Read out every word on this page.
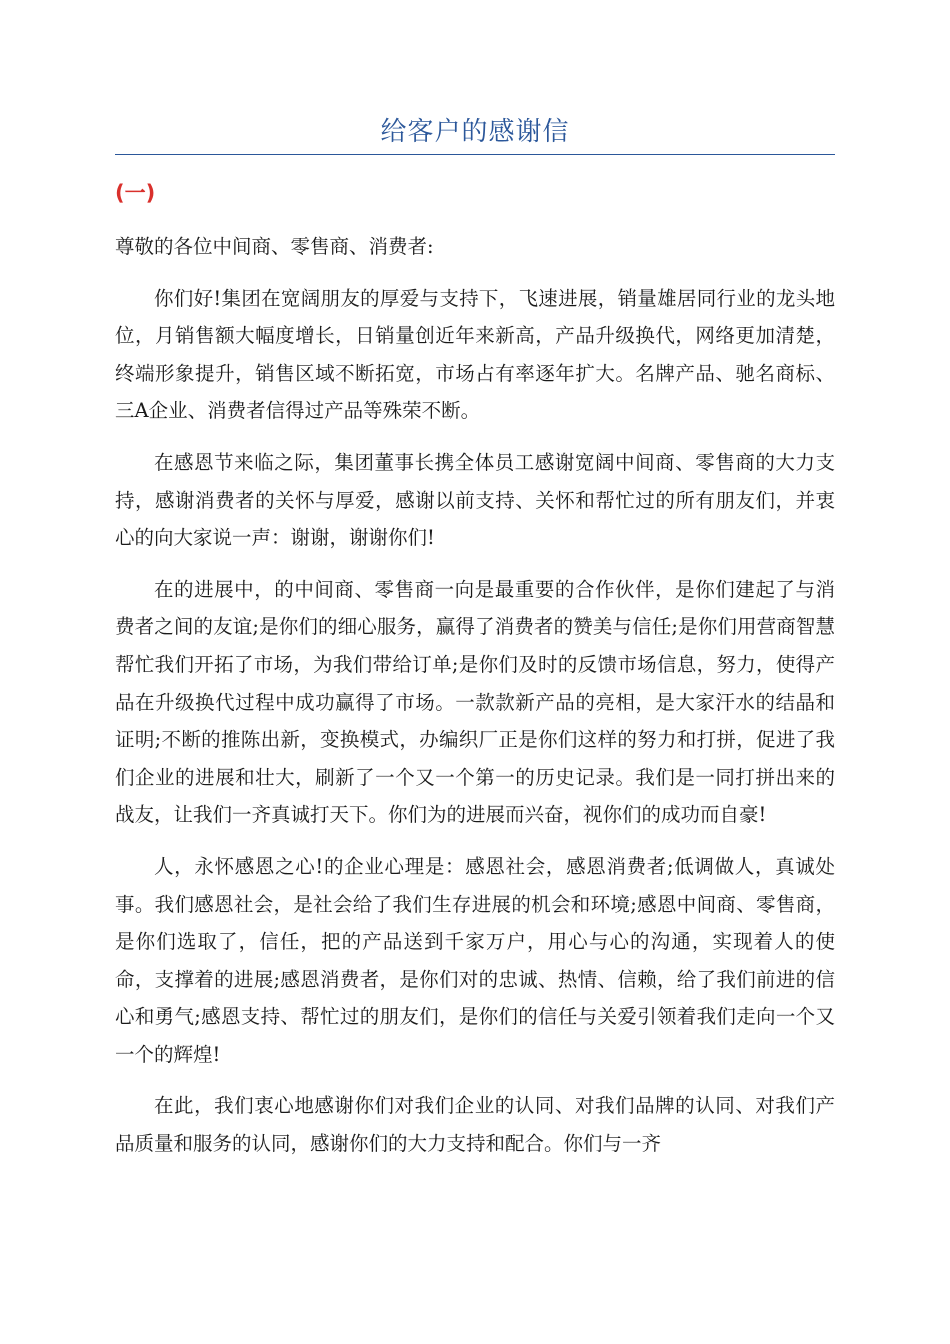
给客户的感谢信
(一)

尊敬的各位中间商、零售商、消费者:

你们好!集团在宽阔朋友的厚爱与支持下，飞速进展，销量雄居同行业的龙头地位，月销售额大幅度增长，日销量创近年来新高，产品升级换代，网络更加清楚，终端形象提升，销售区域不断拓宽，市场占有率逐年扩大。名牌产品、驰名商标、三A企业、消费者信得过产品等殊荣不断。

在感恩节来临之际，集团董事长携全体员工感谢宽阔中间商、零售商的大力支持，感谢消费者的关怀与厚爱，感谢以前支持、关怀和帮忙过的所有朋友们，并衷心的向大家说一声：谢谢，谢谢你们!

在的进展中，的中间商、零售商一向是最重要的合作伙伴，是你们建起了与消费者之间的友谊;是你们的细心服务，赢得了消费者的赞美与信任;是你们用营商智慧帮忙我们开拓了市场，为我们带给订单;是你们及时的反馈市场信息，努力，使得产品在升级换代过程中成功赢得了市场。一款款新产品的亮相，是大家汗水的结晶和证明;不断的推陈出新，变换模式，办编织厂正是你们这样的努力和打拼，促进了我们企业的进展和壮大，刷新了一个又一个第一的历史记录。我们是一同打拼出来的战友，让我们一齐真诚打天下。你们为的进展而兴奋，视你们的成功而自豪!

人，永怀感恩之心!的企业心理是：感恩社会，感恩消费者;低调做人，真诚处事。我们感恩社会，是社会给了我们生存进展的机会和环境;感恩中间商、零售商，是你们选取了，信任，把的产品送到千家万户，用心与心的沟通，实现着人的使命，支撑着的进展;感恩消费者，是你们对的忠诚、热情、信赖，给了我们前进的信心和勇气;感恩支持、帮忙过的朋友们，是你们的信任与关爱引领着我们走向一个又一个的辉煌!

在此，我们衷心地感谢你们对我们企业的认同、对我们品牌的认同、对我们产品质量和服务的认同，感谢你们的大力支持和配合。你们与一齐
